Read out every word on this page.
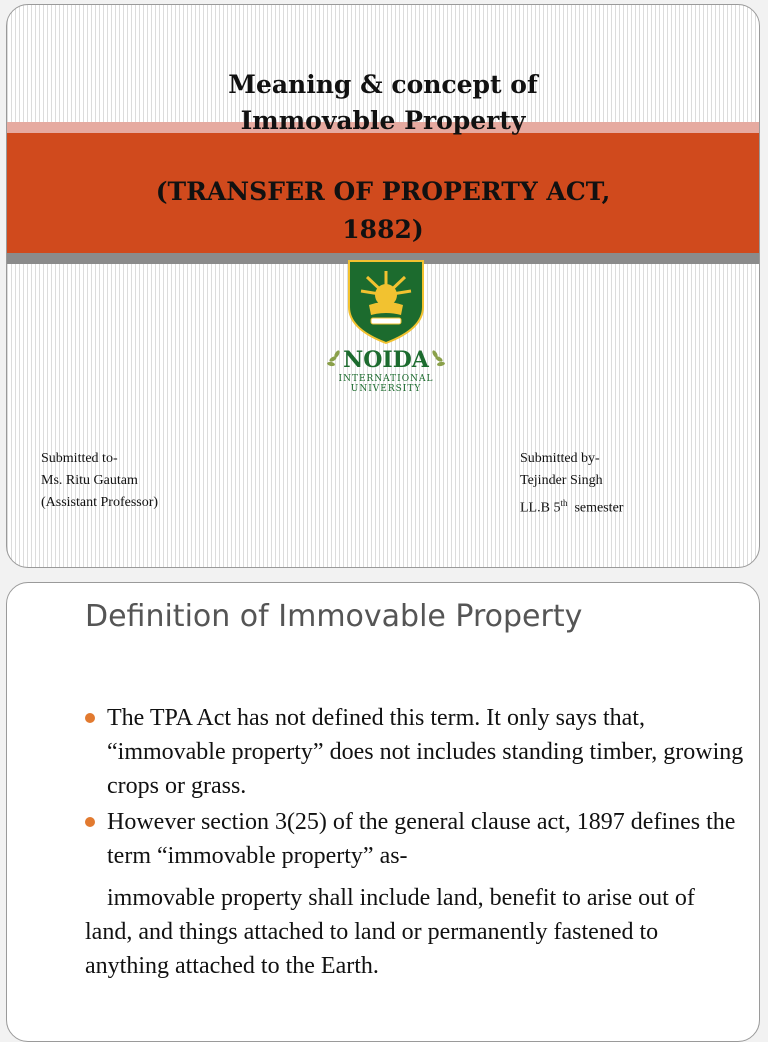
Meaning & concept of
Immovable Property
(TRANSFER OF PROPERTY ACT,
1882)
NOIDA
INTERNATIONAL
UNIVERSITY
Submitted to-
Ms. Ritu Gautam
(Assistant Professor)
Submitted by-
Tejinder Singh
LL.B 5th  semester
Definition of Immovable Property
The TPA Act has not defined this term. It only says that, “immovable property” does not includes standing timber, growing crops or grass.
However section 3(25) of the general clause act, 1897 defines the term “immovable property” as-
immovable property shall include land, benefit to arise out of land, and things attached to land or permanently fastened to anything attached to the Earth.
